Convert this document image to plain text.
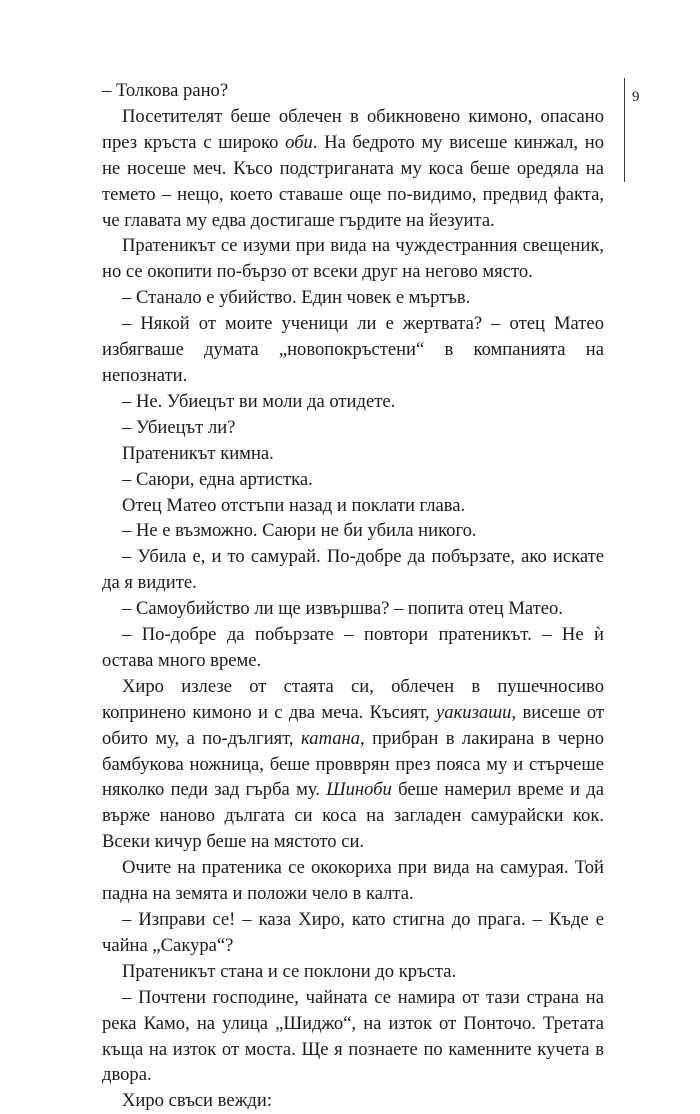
9

– Толкова рано?

Посетителят беше облечен в обикновено кимоно, опасано през кръста с широко оби. На бедрото му висеше кинжал, но не носеше меч. Късо подстриганата му коса беше оредяла на темето – нещо, което ставаше още по-видимо, предвид факта, че главата му едва достигаше гърдите на йезуита.

Пратеникът се изуми при вида на чуждестранния свещеник, но се окопити по-бързо от всеки друг на негово място.

– Станало е убийство. Един човек е мъртъв.

– Някой от моите ученици ли е жертвата? – отец Матео избягваше думата „новопокръстени“ в компанията на непознати.

– Не. Убиецът ви моли да отидете.

– Убиецът ли?

Пратеникът кимна.

– Саюри, една артистка.

Отец Матео отстъпи назад и поклати глава.

– Не е възможно. Саюри не би убила никого.

– Убила е, и то самурай. По-добре да побързате, ако искате да я видите.

– Самоубийство ли ще извършва? – попита отец Матео.

– По-добре да побързате – повтори пратеникът. – Не ѝ остава много време.

Хиро излезе от стаята си, облечен в пушечносиво копринено кимоно и с два меча. Късият, уакизаши, висеше от обито му, а по-дългият, катана, прибран в лакирана в черно бамбукова ножница, беше провврян през пояса му и стърчеше няколко педи зад гърба му. Шиноби беше намерил време и да върже наново дългата си коса на загладен самурайски кок. Всеки кичур беше на мястото си.

Очите на пратеника се ококориха при вида на самурая. Той падна на земята и положи чело в калта.

– Изправи се! – каза Хиро, като стигна до прага. – Къде е чайна „Сакура“?

Пратеникът стана и се поклони до кръста.

– Почтени господине, чайната се намира от тази страна на река Камо, на улица „Шиджо“, на изток от Понточо. Третата къща на изток от моста. Ще я познаете по каменните кучета в двора.

Хиро свъси вежди:
